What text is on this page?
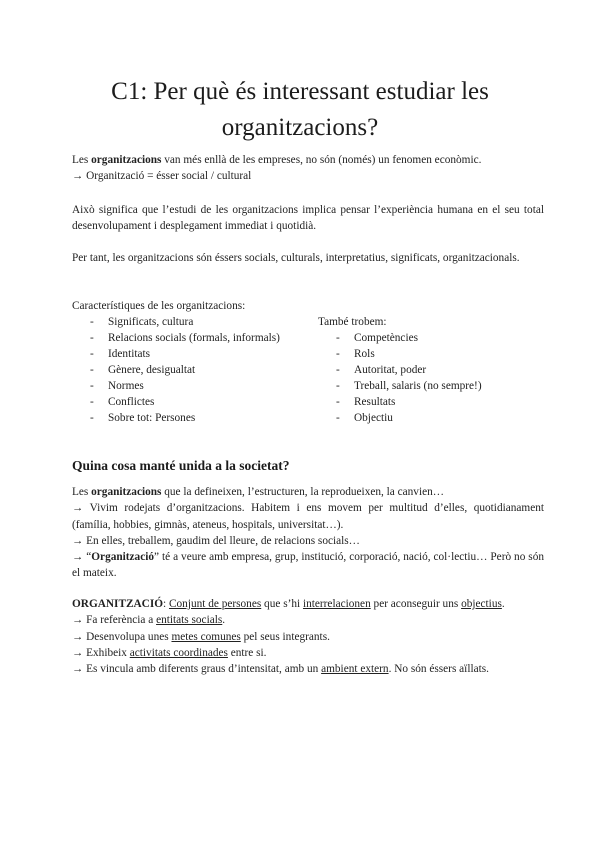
C1: Per què és interessant estudiar les organitzacions?
Les organitzacions van més enllà de les empreses, no són (només) un fenomen econòmic.
→ Organització = ésser social / cultural

Això significa que l’estudi de les organitzacions implica pensar l’experiència humana en el seu total desenvolupament i desplegament immediat i quotidià.

Per tant, les organitzacions són éssers socials, culturals, interpretatius, significats, organitzacionals.

Característiques de les organitzacions:
- Significats, cultura
- Relacions socials (formals, informals)
- Identitats
- Gènere, desigualtat
- Normes
- Conflictes
- Sobre tot: Persones
També trobem:
- Competències
- Rols
- Autoritat, poder
- Treball, salaris (no sempre!)
- Resultats
- Objectiu
Quina cosa manté unida a la societat?
Les organitzacions que la defineixen, l’estructuren, la reprodueixen, la canvien…
→ Vivim rodejats d’organitzacions. Habitem i ens movem per multitud d’elles, quotidianament (família, hobbies, gimnàs, ateneus, hospitals, universitat…).
→ En elles, treballem, gaudim del lleure, de relacions socials…
→ “Organització” té a veure amb empresa, grup, institució, corporació, nació, col·lectiu… Però no són el mateix.
ORGANITZACIÓ: Conjunt de persones que s’hi interrelacionen per aconseguir uns objectius.
→ Fa referència a entitats socials.
→ Desenvolupa unes metes comunes pel seus integrants.
→ Exhibeix activitats coordinades entre si.
→ Es vincula amb diferents graus d’intensitat, amb un ambient extern. No són éssers aïllats.
